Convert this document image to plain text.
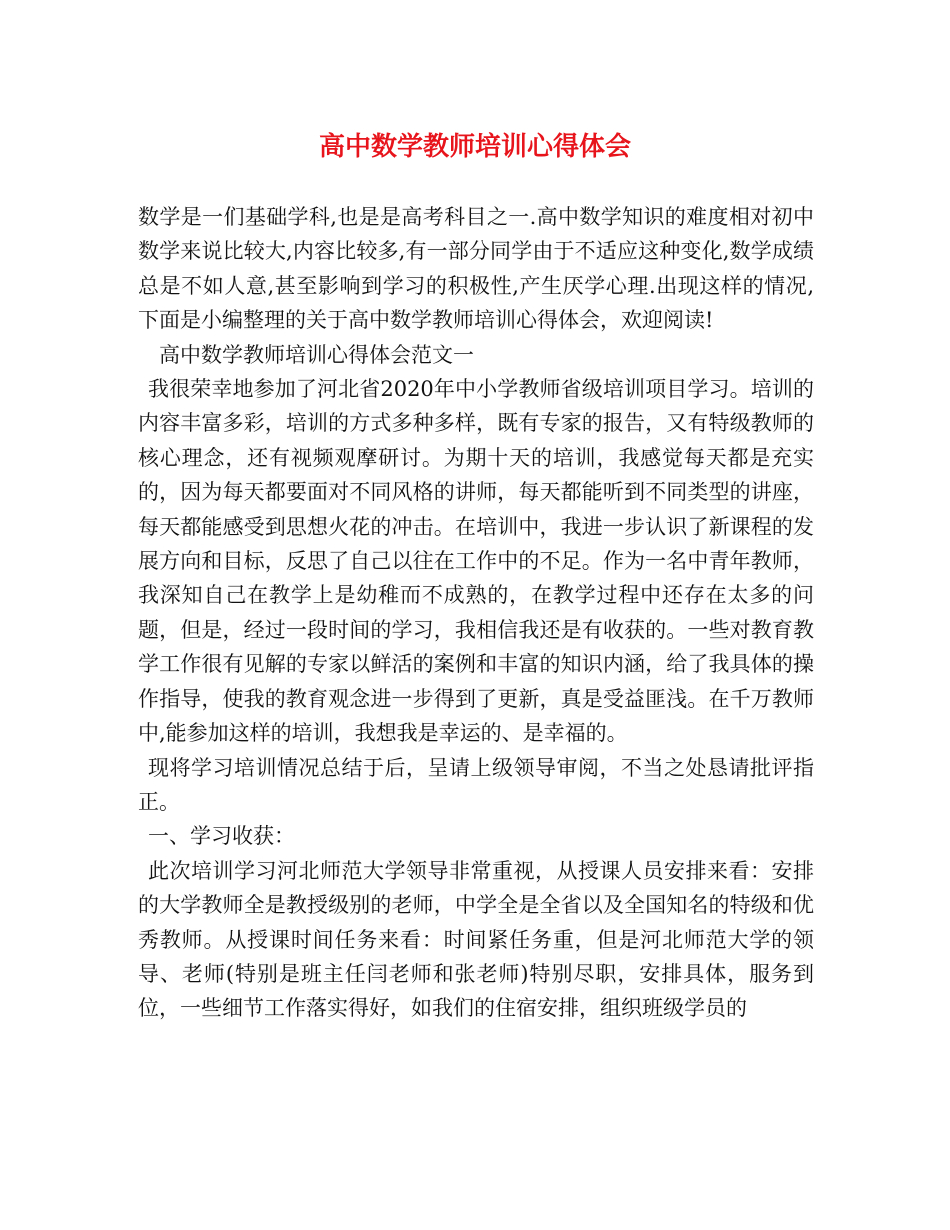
高中数学教师培训心得体会

数学是一们基础学科,也是是高考科目之一.高中数学知识的难度相对初中数学来说比较大,内容比较多,有一部分同学由于不适应这种变化,数学成绩总是不如人意,甚至影响到学习的积极性,产生厌学心理.出现这样的情况,下面是小编整理的关于高中数学教师培训心得体会，欢迎阅读!

高中数学教师培训心得体会范文一

我很荣幸地参加了河北省2020年中小学教师省级培训项目学习。培训的内容丰富多彩，培训的方式多种多样，既有专家的报告，又有特级教师的核心理念，还有视频观摩研讨。为期十天的培训，我感觉每天都是充实的，因为每天都要面对不同风格的讲师，每天都能听到不同类型的讲座，每天都能感受到思想火花的冲击。在培训中，我进一步认识了新课程的发展方向和目标，反思了自己以往在工作中的不足。作为一名中青年教师，我深知自己在教学上是幼稚而不成熟的，在教学过程中还存在太多的问题，但是，经过一段时间的学习，我相信我还是有收获的。一些对教育教学工作很有见解的专家以鲜活的案例和丰富的知识内涵，给了我具体的操作指导，使我的教育观念进一步得到了更新，真是受益匪浅。在千万教师中,能参加这样的培训，我想我是幸运的、是幸福的。

现将学习培训情况总结于后，呈请上级领导审阅，不当之处恳请批评指正。

一、学习收获：

此次培训学习河北师范大学领导非常重视，从授课人员安排来看：安排的大学教师全是教授级别的老师，中学全是全省以及全国知名的特级和优秀教师。从授课时间任务来看：时间紧任务重，但是河北师范大学的领导、老师(特别是班主任闫老师和张老师)特别尽职，安排具体，服务到位，一些细节工作落实得好，如我们的住宿安排，组织班级学员的
